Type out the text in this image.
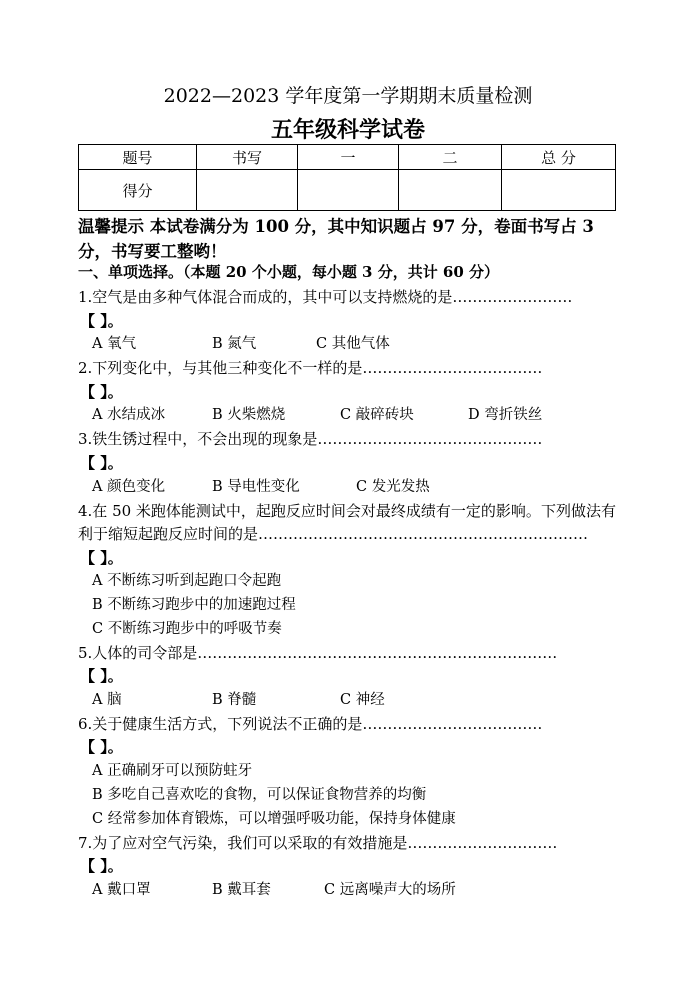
2022—2023 学年度第一学期期末质量检测
五年级科学试卷
题号	书写	一	二	总 分
得分				
温馨提示 本试卷满分为 100 分，其中知识题占 97 分，卷面书写占 3 分，书写要工整哟！
一、单项选择。（本题 20 个小题，每小题 3 分，共计 60 分）
1.空气是由多种气体混合而成的，其中可以支持燃烧的是……………………
【 】。
A 氧气	B 氮气	C 其他气体
2.下列变化中，与其他三种变化不一样的是………………………………
【 】。
A 水结成冰	B 火柴燃烧	C 敲碎砖块	D 弯折铁丝
3.铁生锈过程中，不会出现的现象是………………………………………
【 】。
A 颜色变化	B 导电性变化	C 发光发热
4.在 50 米跑体能测试中，起跑反应时间会对最终成绩有一定的影响。下列做法有利于缩短起跑反应时间的是…………………………………………………………
【 】。
A 不断练习听到起跑口令起跑
B 不断练习跑步中的加速跑过程
C 不断练习跑步中的呼吸节奏
5.人体的司令部是………………………………………………………………
【 】。
A 脑	B 脊髓	C 神经
6.关于健康生活方式，下列说法不正确的是………………………………
【 】。
A 正确刷牙可以预防蛀牙
B 多吃自己喜欢吃的食物，可以保证食物营养的均衡
C 经常参加体育锻炼，可以增强呼吸功能，保持身体健康
7.为了应对空气污染，我们可以采取的有效措施是…………………………
【 】。
A 戴口罩	B 戴耳套	C 远离噪声大的场所
